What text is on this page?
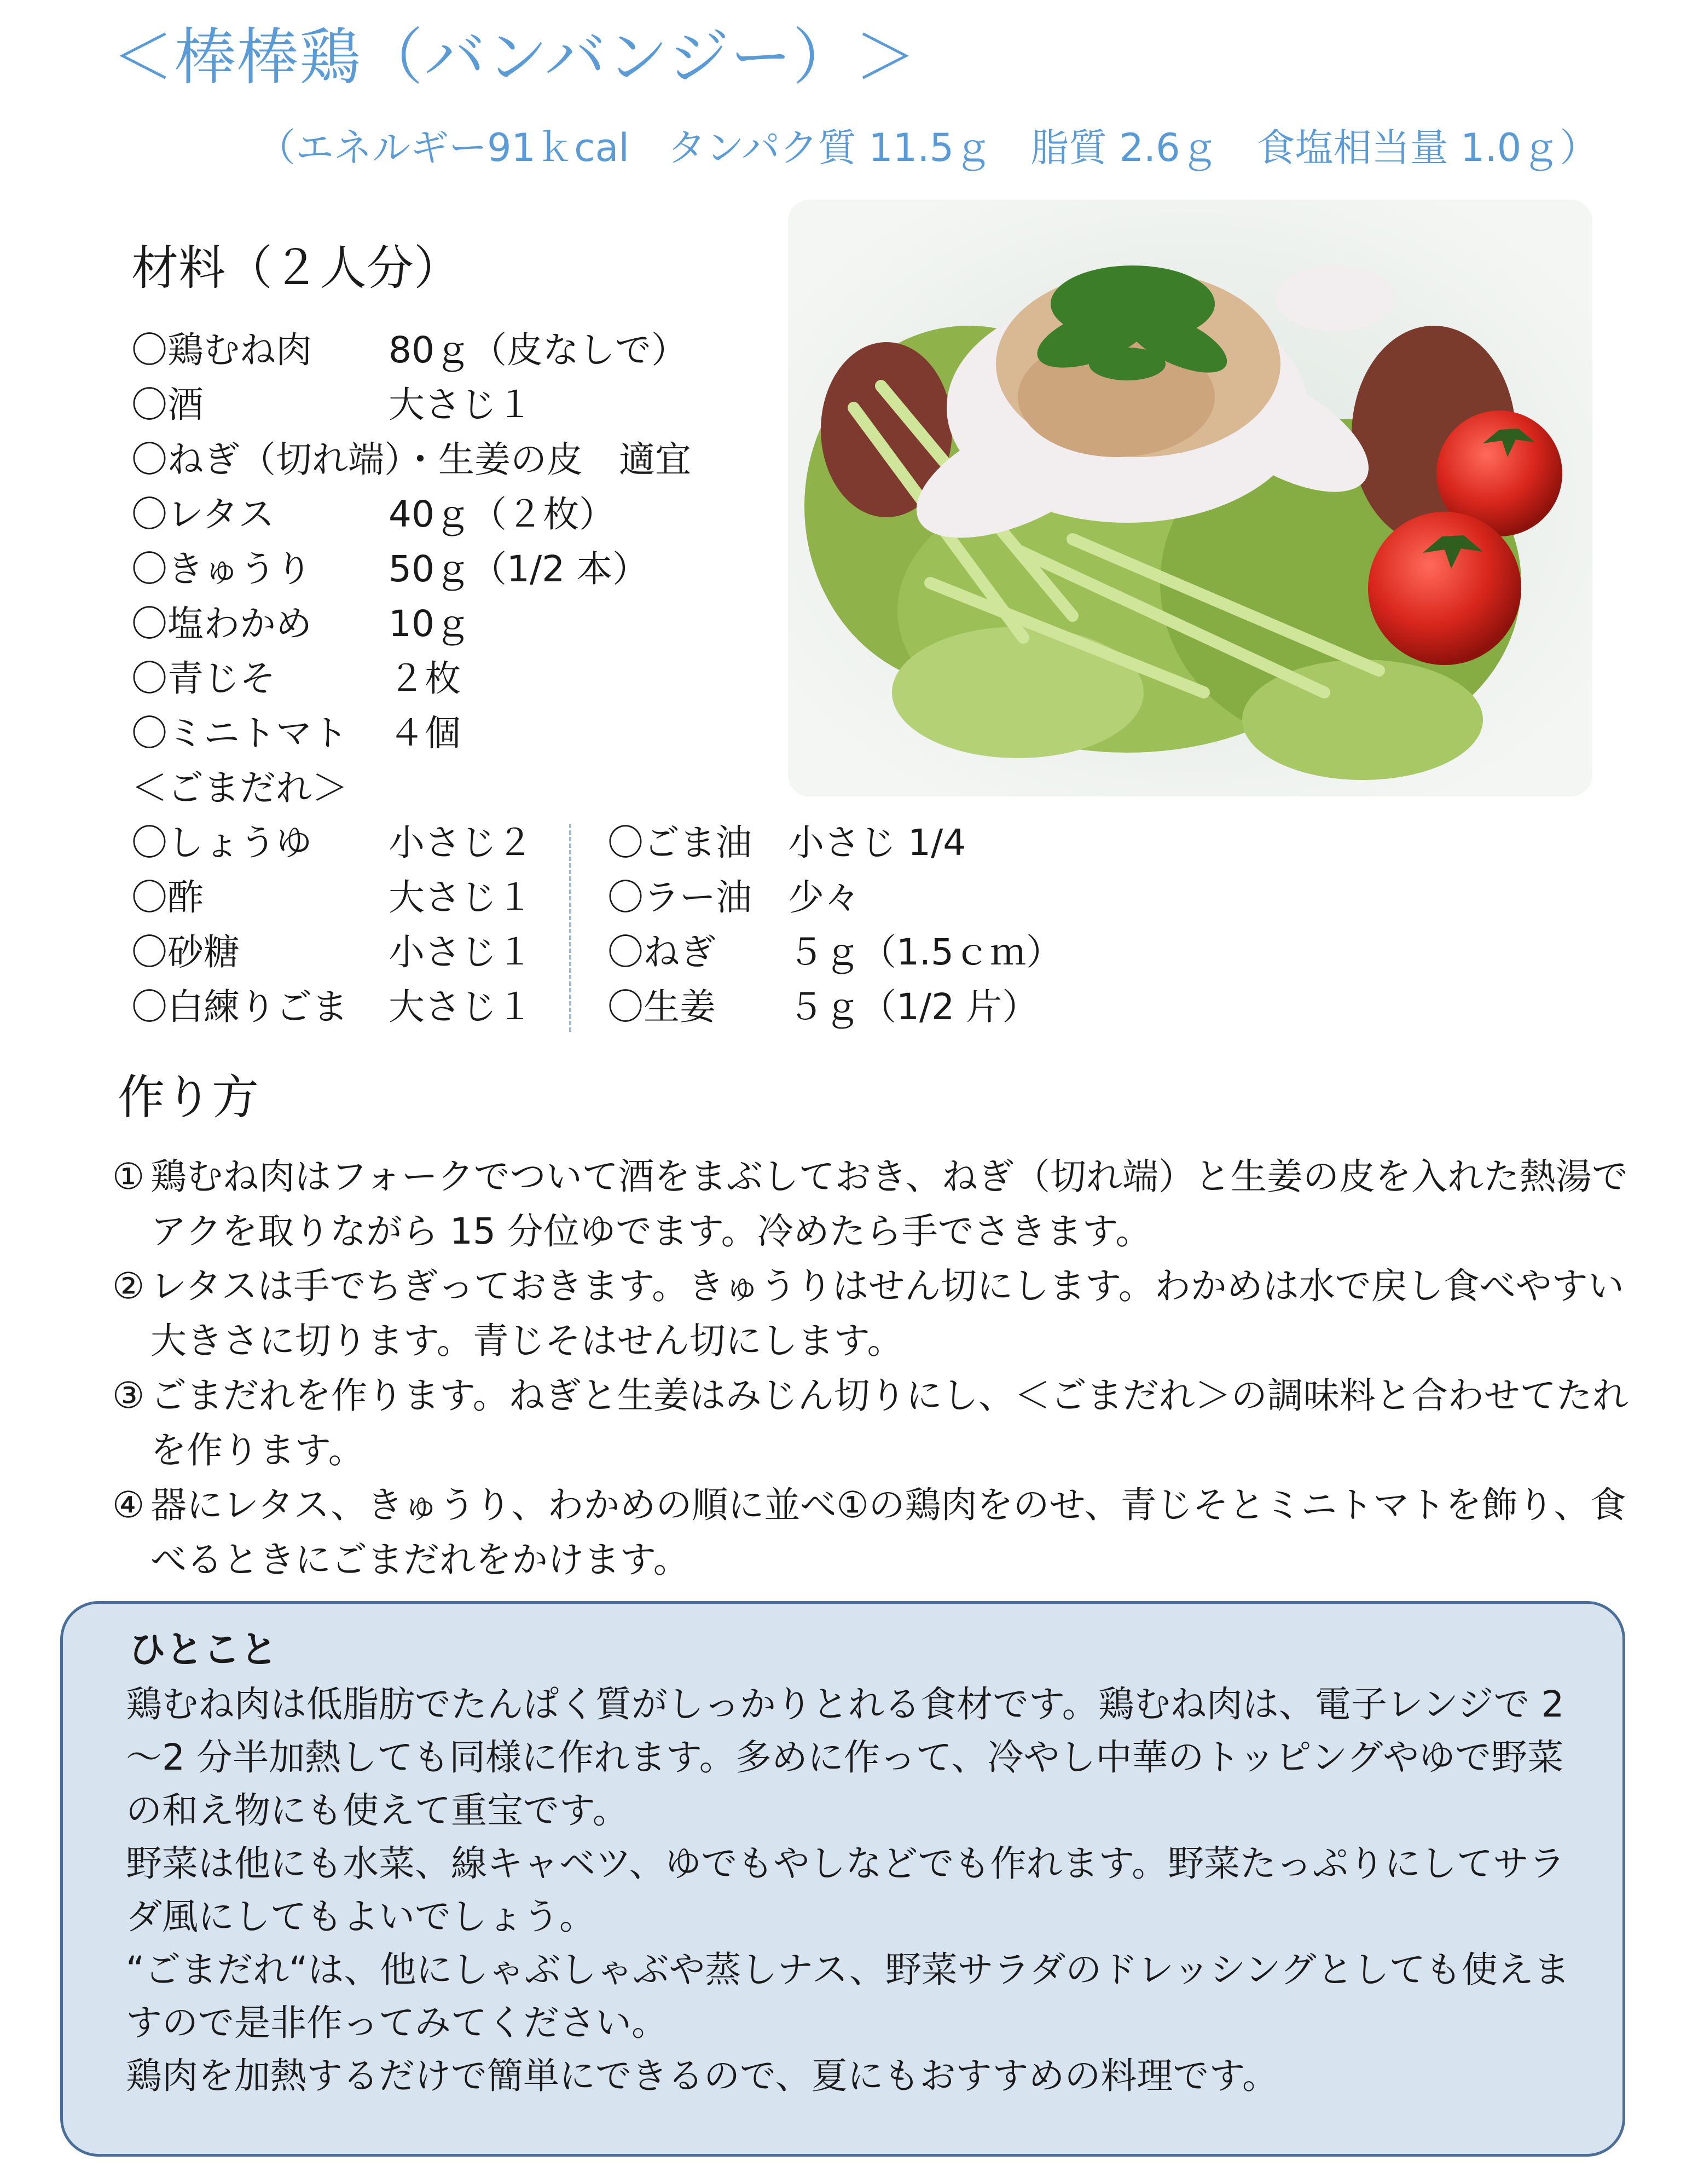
＜棒棒鶏（バンバンジー）＞
（エネルギー91ｋcal　タンパク質 11.5ｇ　脂質 2.6ｇ　食塩相当量 1.0ｇ）
材料（２人分）
〇鶏むね肉 80ｇ（皮なしで）
〇酒	大さじ１
〇ねぎ（切れ端）・生姜の皮　適宜
〇レタス	40ｇ（２枚）
〇きゅうり 50ｇ（1/2 本）
〇塩わかめ 10ｇ
〇青じそ	２枚
〇ミニトマト ４個
＜ごまだれ＞
〇しょうゆ 小さじ２
〇酢	大さじ１
〇砂糖	小さじ１
〇白練りごま 大さじ１
〇ごま油 小さじ 1/4
〇ラー油 少々
〇ねぎ ５ｇ（1.5ｃｍ）
〇生姜 ５ｇ（1/2 片）
作り方

① 鶏むね肉はフォークでついて酒をまぶしておき、ねぎ（切れ端）と生姜の皮を入れた熱湯でアクを取りながら 15 分位ゆでます。冷めたら手でさきます。

② レタスは手でちぎっておきます。きゅうりはせん切にします。わかめは水で戻し食べやすい大きさに切ります。青じそはせん切にします。

③ ごまだれを作ります。ねぎと生姜はみじん切りにし、＜ごまだれ＞の調味料と合わせてたれを作ります。

④ 器にレタス、きゅうり、わかめの順に並べ①の鶏肉をのせ、青じそとミニトマトを飾り、食べるときにごまだれをかけます。

ひとこと

鶏むね肉は低脂肪でたんぱく質がしっかりとれる食材です。鶏むね肉は、電子レンジで 2～2 分半加熱しても同様に作れます。多めに作って、冷やし中華のトッピングやゆで野菜の和え物にも使えて重宝です。

野菜は他にも水菜、線キャベツ、ゆでもやしなどでも作れます。野菜たっぷりにしてサラダ風にしてもよいでしょう。

“ごまだれ“は、他にしゃぶしゃぶや蒸しナス、野菜サラダのドレッシングとしても使えますので是非作ってみてください。

鶏肉を加熱するだけで簡単にできるので、夏にもおすすめの料理です。
